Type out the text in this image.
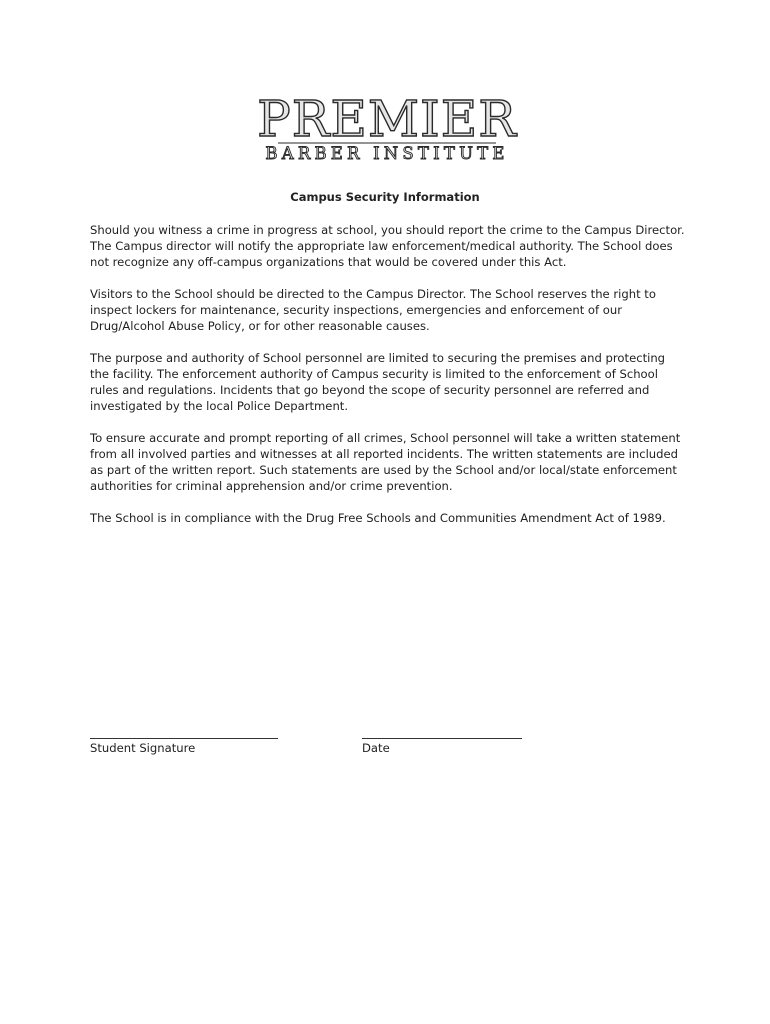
PREMIER
BARBER INSTITUTE
Campus Security Information

Should you witness a crime in progress at school, you should report the crime to the Campus Director. The Campus director will notify the appropriate law enforcement/medical authority. The School does not recognize any off-campus organizations that would be covered under this Act.

Visitors to the School should be directed to the Campus Director. The School reserves the right to inspect lockers for maintenance, security inspections, emergencies and enforcement of our Drug/Alcohol Abuse Policy, or for other reasonable causes.

The purpose and authority of School personnel are limited to securing the premises and protecting the facility. The enforcement authority of Campus security is limited to the enforcement of School rules and regulations. Incidents that go beyond the scope of security personnel are referred and investigated by the local Police Department.

To ensure accurate and prompt reporting of all crimes, School personnel will take a written statement from all involved parties and witnesses at all reported incidents. The written statements are included as part of the written report. Such statements are used by the School and/or local/state enforcement authorities for criminal apprehension and/or crime prevention.

The School is in compliance with the Drug Free Schools and Communities Amendment Act of 1989.

Student Signature	Date
